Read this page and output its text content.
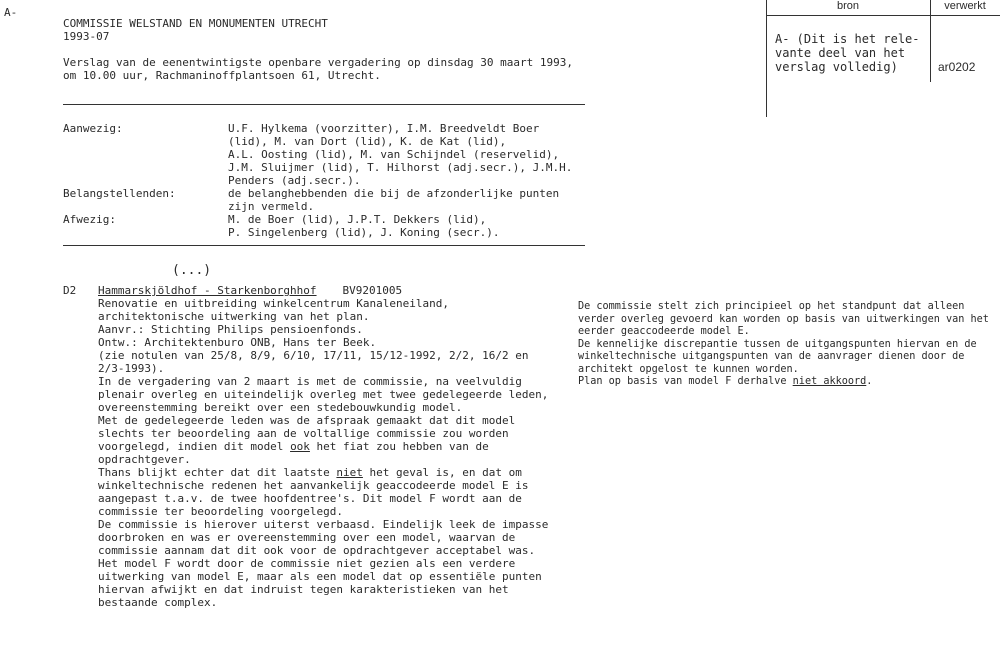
A-
COMMISSIE WELSTAND EN MONUMENTEN UTRECHT
1993-07
Verslag van de eenentwintigste openbare vergadering op dinsdag 30 maart 1993,
om 10.00 uur, Rachmaninoffplantsoen 61, Utrecht.
bron	verwerkt
A- (Dit is het rele-
vante deel van het
verslag volledig)	ar0202
Aanwezig:	U.F. Hylkema (voorzitter), I.M. Breedveldt Boer
(lid), M. van Dort (lid), K. de Kat (lid),
A.L. Oosting (lid), M. van Schijndel (reservelid),
J.M. Sluijmer (lid), T. Hilhorst (adj.secr.), J.M.H.
Penders (adj.secr.).
Belangstellenden:	de belanghebbenden die bij de afzonderlijke punten
zijn vermeld.
Afwezig:	M. de Boer (lid), J.P.T. Dekkers (lid),
P. Singelenberg (lid), J. Koning (secr.).
(...)
D2 Hammarskjöldhof - Starkenborghhof BV9201005
Renovatie en uitbreiding winkelcentrum Kanaleneiland,
architektonische uitwerking van het plan.
Aanvr.: Stichting Philips pensioenfonds.
Ontw.: Architektenburo ONB, Hans ter Beek.
(zie notulen van 25/8, 8/9, 6/10, 17/11, 15/12-1992, 2/2, 16/2 en
2/3-1993).
In de vergadering van 2 maart is met de commissie, na veelvuldig
plenair overleg en uiteindelijk overleg met twee gedelegeerde leden,
overeenstemming bereikt over een stedebouwkundig model.
Met de gedelegeerde leden was de afspraak gemaakt dat dit model
slechts ter beoordeling aan de voltallige commissie zou worden
voorgelegd, indien dit model ook het fiat zou hebben van de
opdrachtgever.
Thans blijkt echter dat dit laatste niet het geval is, en dat om
winkeltechnische redenen het aanvankelijk geaccodeerde model E is
aangepast t.a.v. de twee hoofdentree's. Dit model F wordt aan de
commissie ter beoordeling voorgelegd.
De commissie is hierover uiterst verbaasd. Eindelijk leek de impasse
doorbroken en was er overeenstemming over een model, waarvan de
commissie aannam dat dit ook voor de opdrachtgever acceptabel was.
Het model F wordt door de commissie niet gezien als een verdere
uitwerking van model E, maar als een model dat op essentiële punten
hiervan afwijkt en dat indruist tegen karakteristieken van het
bestaande complex.
De commissie stelt zich principieel op het standpunt dat alleen
verder overleg gevoerd kan worden op basis van uitwerkingen van het
eerder geaccodeerde model E.
De kennelijke discrepantie tussen de uitgangspunten hiervan en de
winkeltechnische uitgangspunten van de aanvrager dienen door de
architekt opgelost te kunnen worden.
Plan op basis van model F derhalve niet akkoord.
